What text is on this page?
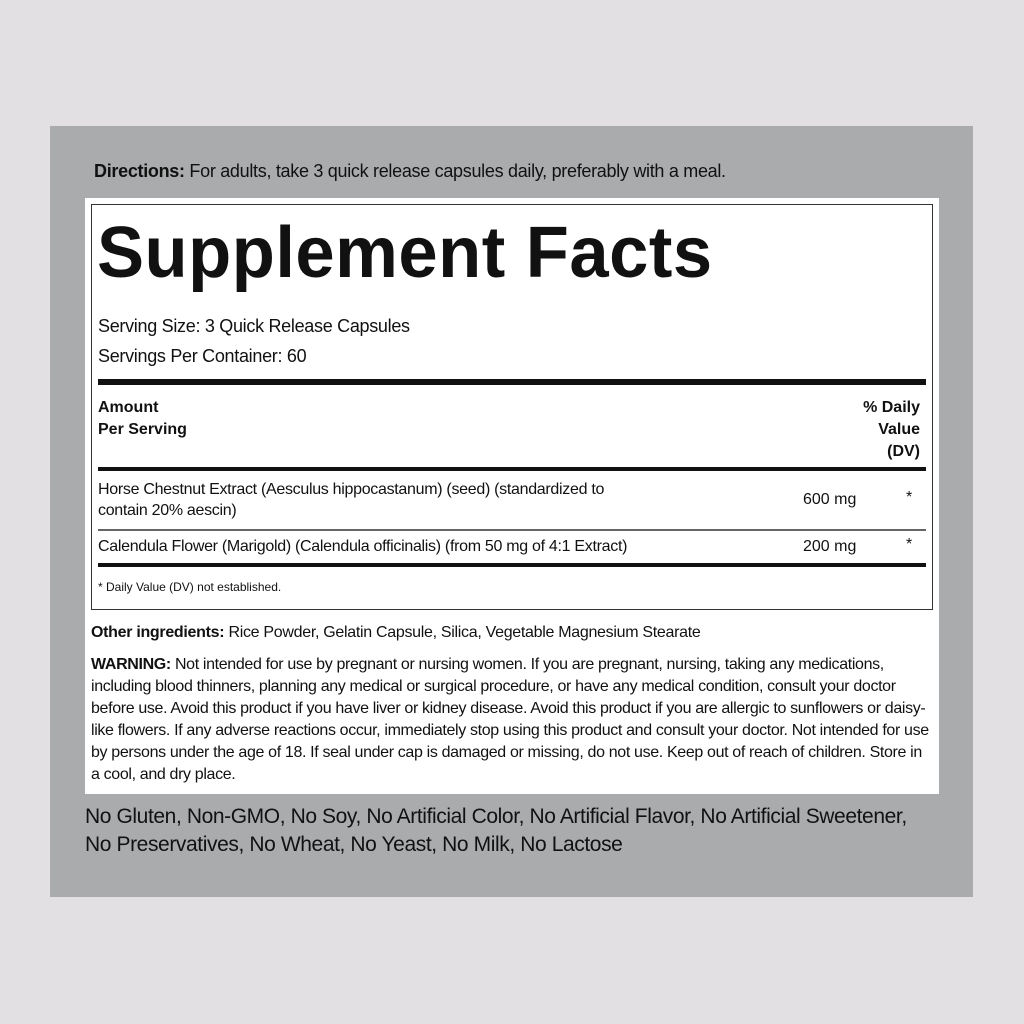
Directions: For adults, take 3 quick release capsules daily, preferably with a meal.
Supplement Facts
Serving Size: 3 Quick Release Capsules
Servings Per Container: 60
Amount
Per Serving
% Daily
Value
(DV)
Horse Chestnut Extract (Aesculus hippocastanum) (seed) (standardized to
contain 20% aescin)
600 mg	*
Calendula Flower (Marigold) (Calendula officinalis) (from 50 mg of 4:1 Extract)	200 mg	*
* Daily Value (DV) not established.
Other ingredients: Rice Powder, Gelatin Capsule, Silica, Vegetable Magnesium Stearate
WARNING: Not intended for use by pregnant or nursing women. If you are pregnant, nursing, taking any medications, including blood thinners, planning any medical or surgical procedure, or have any medical condition, consult your doctor before use. Avoid this product if you have liver or kidney disease. Avoid this product if you are allergic to sunflowers or daisy-like flowers. If any adverse reactions occur, immediately stop using this product and consult your doctor. Not intended for use by persons under the age of 18. If seal under cap is damaged or missing, do not use. Keep out of reach of children. Store in a cool, and dry place.
No Gluten, Non-GMO, No Soy, No Artificial Color, No Artificial Flavor, No Artificial Sweetener, No Preservatives, No Wheat, No Yeast, No Milk, No Lactose
